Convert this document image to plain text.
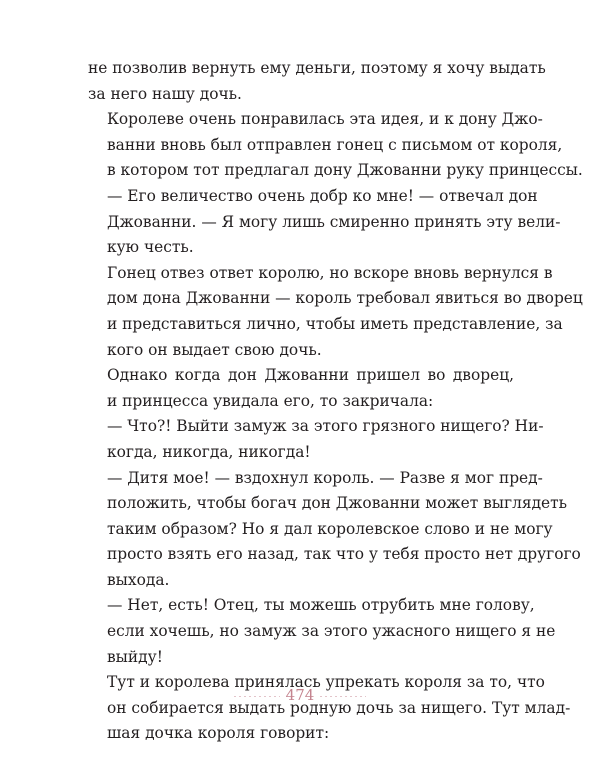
не позволив вернуть ему деньги, поэтому я хочу выдать
за него нашу дочь.

Королеве очень понравилась эта идея, и к дону Джо-
ванни вновь был отправлен гонец с письмом от короля,
в котором тот предлагал дону Джованни руку принцессы.

— Его величество очень добр ко мне! — отвечал дон
Джованни. — Я могу лишь смиренно принять эту вели-
кую честь.

Гонец отвез ответ королю, но вскоре вновь вернулся в
дом дона Джованни — король требовал явиться во дворец
и представиться лично, чтобы иметь представление, за
кого он выдает свою дочь.

Однако когда дон Джованни пришел во дворец,
и принцесса увидала его, то закричала:

— Что?! Выйти замуж за этого грязного нищего? Ни-
когда, никогда, никогда!

— Дитя мое! — вздохнул король. — Разве я мог пред-
положить, чтобы богач дон Джованни может выглядеть
таким образом? Но я дал королевское слово и не могу
просто взять его назад, так что у тебя просто нет другого
выхода.

— Нет, есть! Отец, ты можешь отрубить мне голову,
если хочешь, но замуж за этого ужасного нищего я не
выйду!

Тут и королева принялась упрекать короля за то, что
он собирается выдать родную дочь за нищего. Тут млад-
шая дочка короля говорит:

474
